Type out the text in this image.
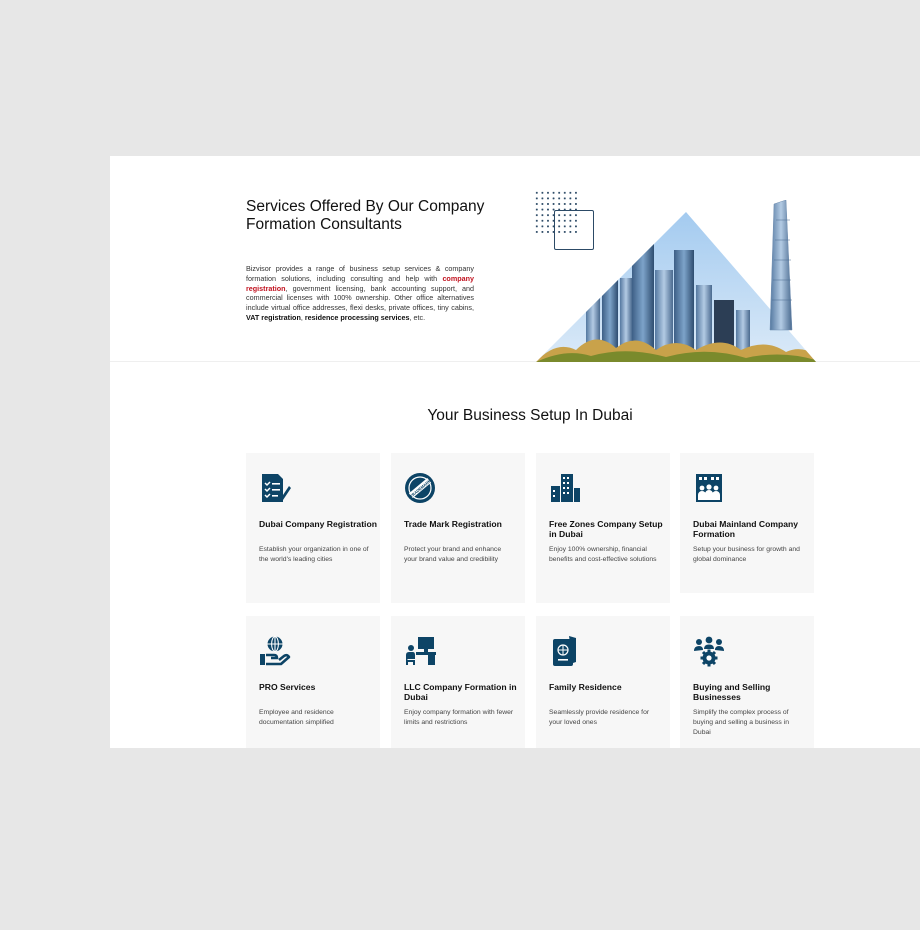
Services Offered By Our Company Formation Consultants

Bizvisor provides a range of business setup services & company formation solutions, including consulting and help with company registration, government licensing, bank accounting support, and commercial licenses with 100% ownership. Other office alternatives include virtual office addresses, flexi desks, private offices, tiny cabins, VAT registration, residence processing services, etc.

Your Business Setup In Dubai
Dubai Company Registration
Establish your organization in one of the world's leading cities
TRADEMARK
Trade Mark Registration
Protect your brand and enhance your brand value and credibility
Free Zones Company Setup in Dubai
Enjoy 100% ownership, financial benefits and cost-effective solutions
Dubai Mainland Company Formation
Setup your business for growth and global dominance
PRO Services
Employee and residence documentation simplified
LLC Company Formation in Dubai
Enjoy company formation with fewer limits and restrictions
Family Residence
Seamlessly provide residence for your loved ones
Buying and Selling Businesses
Simplify the complex process of buying and selling a business in Dubai
